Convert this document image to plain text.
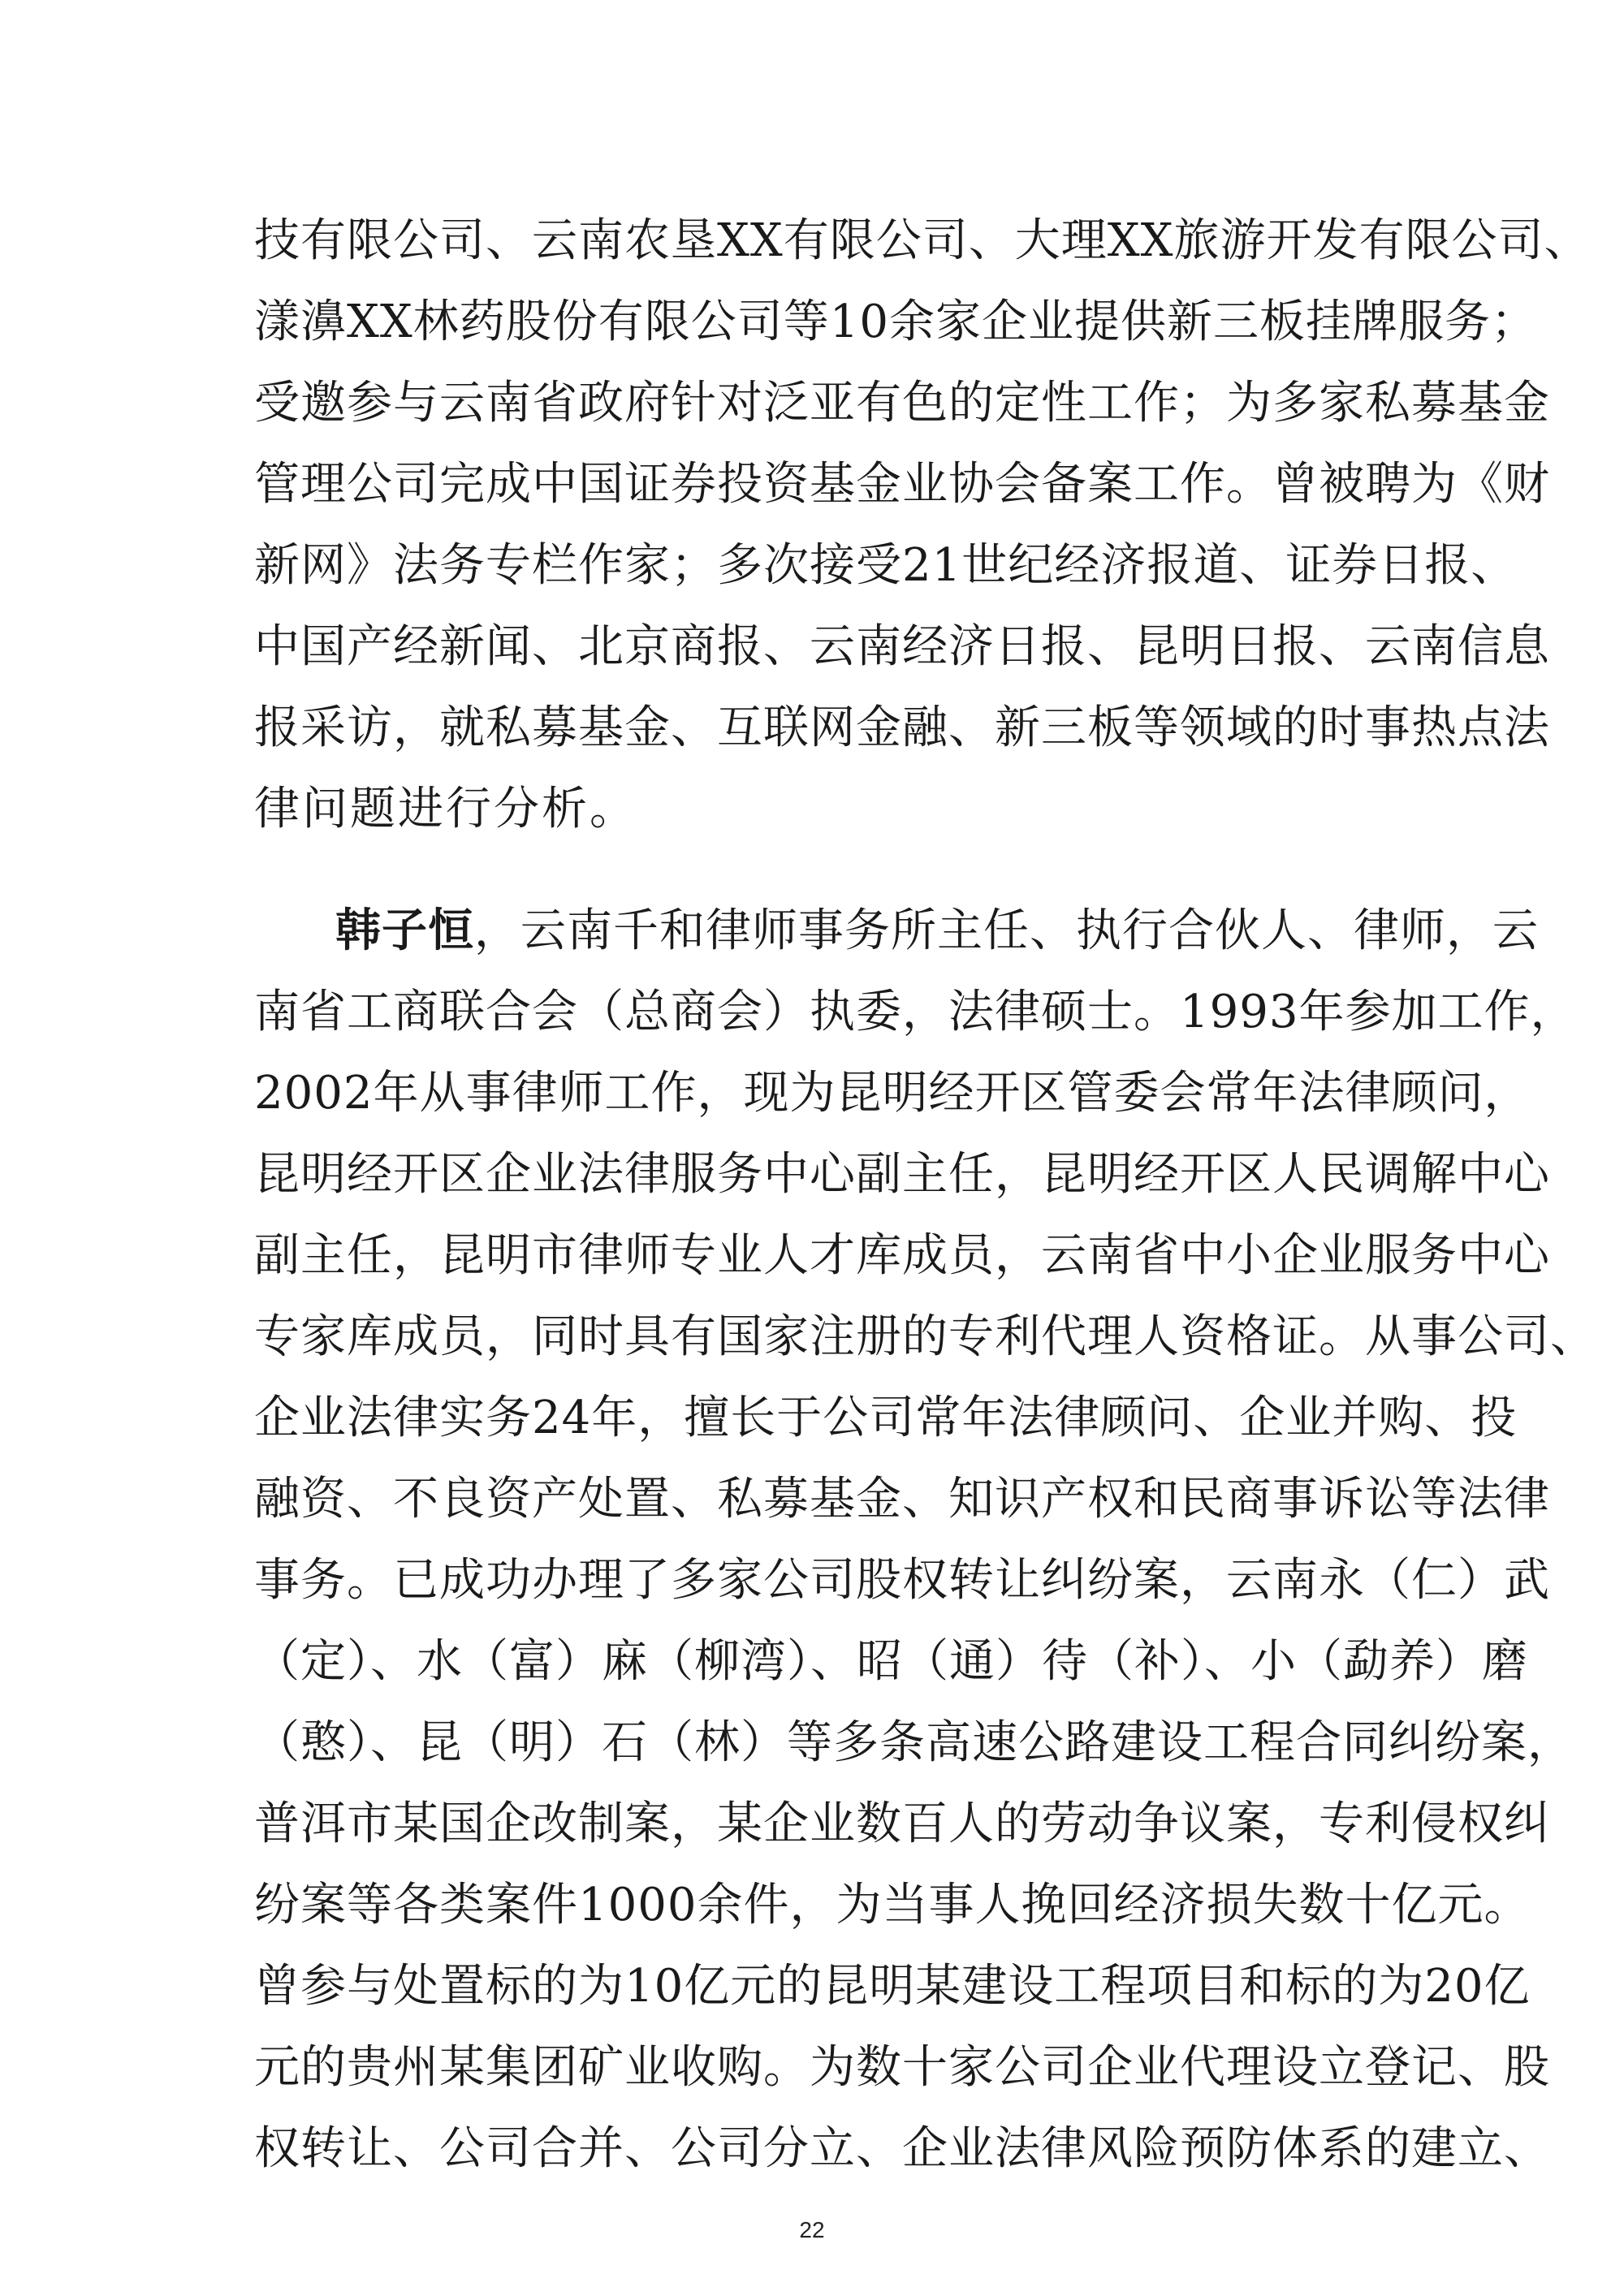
技有限公司、云南农垦XX有限公司、大理XX旅游开发有限公司、
漾濞XX林药股份有限公司等10余家企业提供新三板挂牌服务；
受邀参与云南省政府针对泛亚有色的定性工作；为多家私募基金
管理公司完成中国证券投资基金业协会备案工作。曾被聘为《财
新网》法务专栏作家；多次接受21世纪经济报道、证券日报、
中国产经新闻、北京商报、云南经济日报、昆明日报、云南信息
报采访，就私募基金、互联网金融、新三板等领域的时事热点法
律问题进行分析。
韩子恒，云南千和律师事务所主任、执行合伙人、律师，云
南省工商联合会（总商会）执委，法律硕士。1993年参加工作，
2002年从事律师工作，现为昆明经开区管委会常年法律顾问，
昆明经开区企业法律服务中心副主任，昆明经开区人民调解中心
副主任，昆明市律师专业人才库成员，云南省中小企业服务中心
专家库成员，同时具有国家注册的专利代理人资格证。从事公司、
企业法律实务24年，擅长于公司常年法律顾问、企业并购、投
融资、不良资产处置、私募基金、知识产权和民商事诉讼等法律
事务。已成功办理了多家公司股权转让纠纷案，云南永（仁）武
（定）、水（富）麻（柳湾）、昭（通）待（补）、小（勐养）磨
（憨）、昆（明）石（林）等多条高速公路建设工程合同纠纷案，
普洱市某国企改制案，某企业数百人的劳动争议案，专利侵权纠
纷案等各类案件1000余件，为当事人挽回经济损失数十亿元。
曾参与处置标的为10亿元的昆明某建设工程项目和标的为20亿
元的贵州某集团矿业收购。为数十家公司企业代理设立登记、股
权转让、公司合并、公司分立、企业法律风险预防体系的建立、
22
